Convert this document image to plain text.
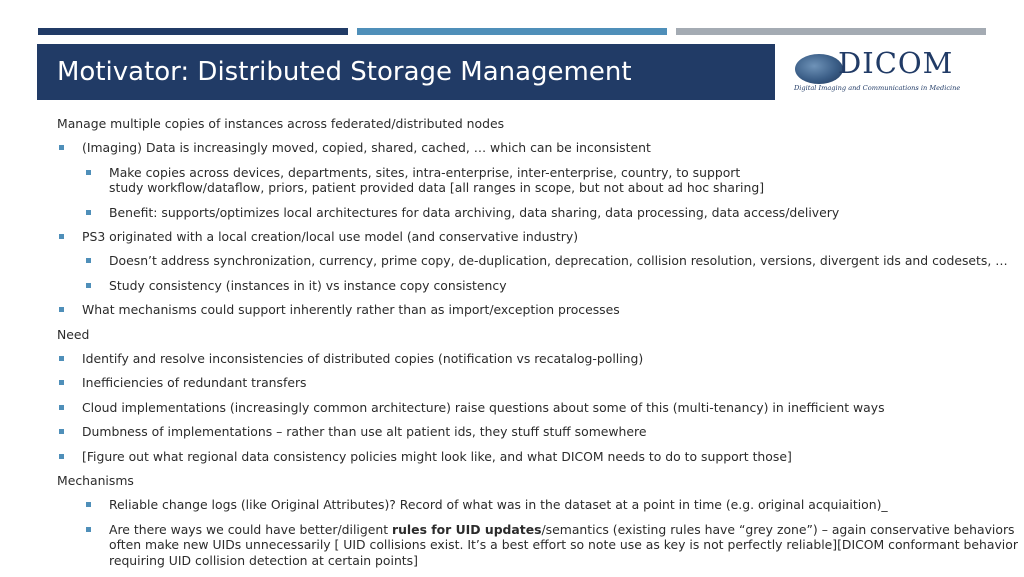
Motivator: Distributed Storage Management	DICOM
Digital Imaging and Communications in Medicine
Manage multiple copies of instances across federated/distributed nodes
(Imaging) Data is increasingly moved, copied, shared, cached, … which can be inconsistent
Make copies across devices, departments, sites, intra-enterprise, inter-enterprise, country, to support
study workflow/dataflow, priors, patient provided data [all ranges in scope, but not about ad hoc sharing]
Benefit: supports/optimizes local architectures for data archiving, data sharing, data processing, data access/delivery
PS3 originated with a local creation/local use model (and conservative industry)
Doesn’t address synchronization, currency, prime copy, de-duplication, deprecation, collision resolution, versions, divergent ids and codesets, …
Study consistency (instances in it) vs instance copy consistency
What mechanisms could support inherently rather than as import/exception processes
Need
Identify and resolve inconsistencies of distributed copies (notification vs recatalog-polling)
Inefficiencies of redundant transfers
Cloud implementations (increasingly common architecture) raise questions about some of this (multi-tenancy) in inefficient ways
Dumbness of implementations – rather than use alt patient ids, they stuff stuff somewhere
[Figure out what regional data consistency policies might look like, and what DICOM needs to do to support those]
Mechanisms
Reliable change logs (like Original Attributes)? Record of what was in the dataset at a point in time (e.g. original acquiaition)_
Are there ways we could have better/diligent rules for UID updates/semantics (existing rules have “grey zone”) – again conservative behaviors
often make new UIDs unnecessarily [ UID collisions exist. It’s a best effort so note use as key is not perfectly reliable][DICOM conformant behavior
requiring UID collision detection at certain points]
